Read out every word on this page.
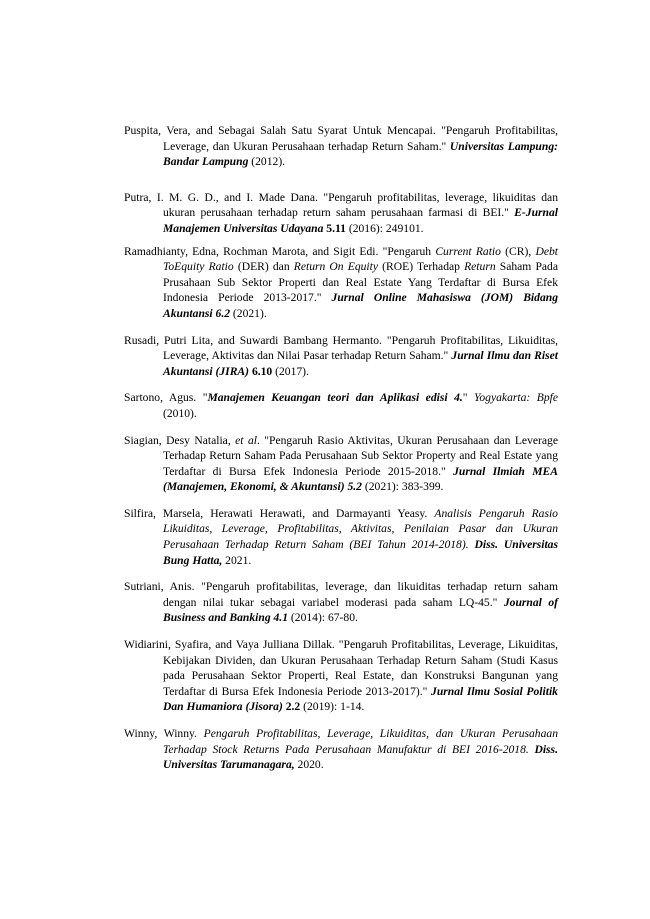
Puspita, Vera, and Sebagai Salah Satu Syarat Untuk Mencapai. "Pengaruh Profitabilitas, Leverage, dan Ukuran Perusahaan terhadap Return Saham." Universitas Lampung: Bandar Lampung (2012).

Putra, I. M. G. D., and I. Made Dana. "Pengaruh profitabilitas, leverage, likuiditas dan ukuran perusahaan terhadap return saham perusahaan farmasi di BEI." E-Jurnal Manajemen Universitas Udayana 5.11 (2016): 249101.

Ramadhianty, Edna, Rochman Marota, and Sigit Edi. "Pengaruh Current Ratio (CR), Debt ToEquity Ratio (DER) dan Return On Equity (ROE) Terhadap Return Saham Pada Prusahaan Sub Sektor Properti dan Real Estate Yang Terdaftar di Bursa Efek Indonesia Periode 2013-2017." Jurnal Online Mahasiswa (JOM) Bidang Akuntansi 6.2 (2021).

Rusadi, Putri Lita, and Suwardi Bambang Hermanto. "Pengaruh Profitabilitas, Likuiditas, Leverage, Aktivitas dan Nilai Pasar terhadap Return Saham." Jurnal Ilmu dan Riset Akuntansi (JIRA) 6.10 (2017).

Sartono, Agus. "Manajemen Keuangan teori dan Aplikasi edisi 4." Yogyakarta: Bpfe (2010).

Siagian, Desy Natalia, et al. "Pengaruh Rasio Aktivitas, Ukuran Perusahaan dan Leverage Terhadap Return Saham Pada Perusahaan Sub Sektor Property and Real Estate yang Terdaftar di Bursa Efek Indonesia Periode 2015-2018." Jurnal Ilmiah MEA (Manajemen, Ekonomi, & Akuntansi) 5.2 (2021): 383-399.

Silfira, Marsela, Herawati Herawati, and Darmayanti Yeasy. Analisis Pengaruh Rasio Likuiditas, Leverage, Profitabilitas, Aktivitas, Penilaian Pasar dan Ukuran Perusahaan Terhadap Return Saham (BEI Tahun 2014-2018). Diss. Universitas Bung Hatta, 2021.

Sutriani, Anis. "Pengaruh profitabilitas, leverage, dan likuiditas terhadap return saham dengan nilai tukar sebagai variabel moderasi pada saham LQ-45." Journal of Business and Banking 4.1 (2014): 67-80.

Widiarini, Syafira, and Vaya Julliana Dillak. "Pengaruh Profitabilitas, Leverage, Likuiditas, Kebijakan Dividen, dan Ukuran Perusahaan Terhadap Return Saham (Studi Kasus pada Perusahaan Sektor Properti, Real Estate, dan Konstruksi Bangunan yang Terdaftar di Bursa Efek Indonesia Periode 2013-2017)." Jurnal Ilmu Sosial Politik Dan Humaniora (Jisora) 2.2 (2019): 1-14.

Winny, Winny. Pengaruh Profitabilitas, Leverage, Likuiditas, dan Ukuran Perusahaan Terhadap Stock Returns Pada Perusahaan Manufaktur di BEI 2016-2018. Diss. Universitas Tarumanagara, 2020.
